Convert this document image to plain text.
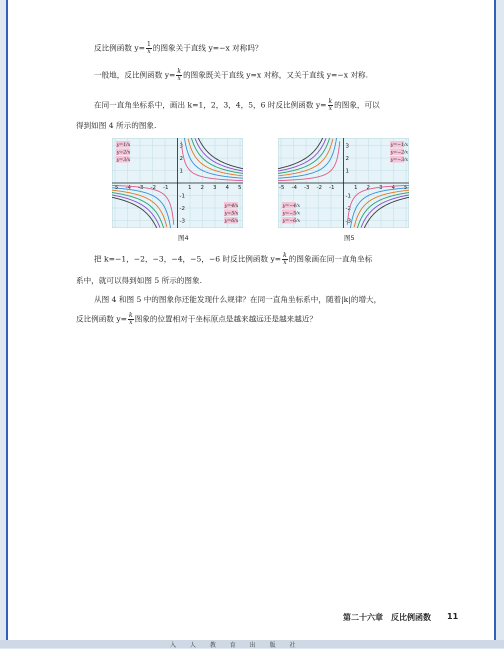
反比例函数 $y= \frac{1}{x}$ 的图象关于直线 y=−x 对称吗？
一般地，反比例函数 $y= \frac{k}{x}$ 的图象既关于直线 y=x 对称，又关于直线 y=−x 对称.
在同一直角坐标系中，画出 k=1，2，3，4，5，6 时反比例函数 $y= \frac{k}{x}$ 的图象，可以
得到如图 4 所示的图象.
-5 -4 -3 -2 -1	1 2 3 4 5
3
2
1
-1
-2
-3
y=1/x
y=2/x
y=3/x
y=4/x
y=5/x
y=6/x
图4
-5 -4 -3 -2 -1	1 2 3 4 5
3
2
1
-1
-2
-3
y=−1/x
y=−2/x
y=−3/x
y=−4/x
y=−5/x
y=−6/x
图5
把 k=−1，−2，−3，−4，−5，−6 时反比例函数 $y= \frac{k}{x}$ 的图象画在同一直角坐标
系中，就可以得到如图 5 所示的图象.
从图 4 和图 5 中的图象你还能发现什么规律？在同一直角坐标系中，随着|k|的增大，
反比例函数 $y= \frac{k}{x}$ 图象的位置相对于坐标原点是越来越远还是越来越近？
第二十六章　反比例函数 11
入 人 教 育 出 版 社
